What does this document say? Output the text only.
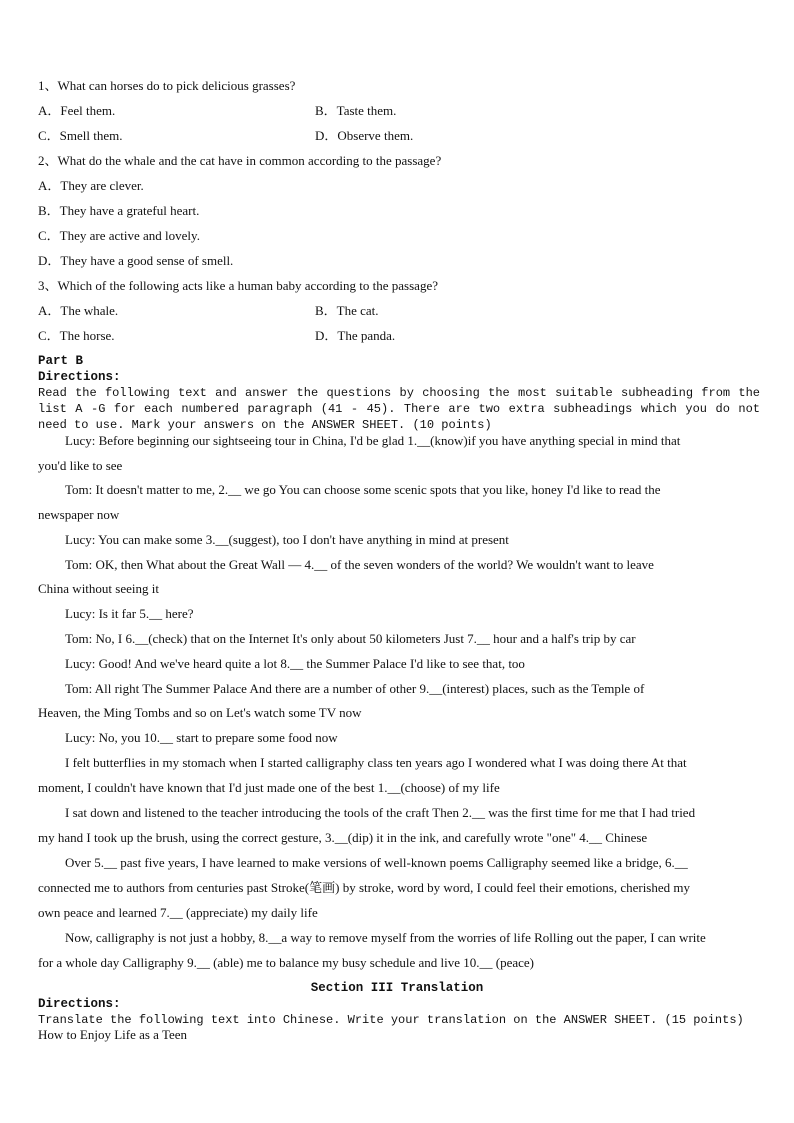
1、What can horses do to pick delicious grasses?
A．Feel them.	B．Taste them.
C．Smell them.	D．Observe them.
2、What do the whale and the cat have in common according to the passage?
A．They are clever.
B．They have a grateful heart.
C．They are active and lovely.
D．They have a good sense of smell.
3、Which of the following acts like a human baby according to the passage?
A．The whale.	B．The cat.
C．The horse.	D．The panda.
Part B
Directions:
Read the following text and answer the questions by choosing the most suitable subheading from the list A -G for each numbered paragraph (41 - 45). There are two extra subheadings which you do not need to use. Mark your answers on the ANSWER SHEET. (10 points)
Lucy: Before beginning our sightseeing tour in China, I'd be glad 1.__(know)if you have anything special in mind that
you'd like to see
Tom: It doesn't matter to me, 2.__ we go You can choose some scenic spots that you like, honey I'd like to read the
newspaper now
Lucy: You can make some 3.__(suggest), too I don't have anything in mind at present
Tom: OK, then What about the Great Wall — 4.__ of the seven wonders of the world? We wouldn't want to leave
China without seeing it
Lucy: Is it far 5.__ here?
Tom: No, I 6.__(check) that on the Internet It's only about 50 kilometers Just 7.__ hour and a half's trip by car
Lucy: Good! And we've heard quite a lot 8.__ the Summer Palace I'd like to see that, too
Tom: All right The Summer Palace And there are a number of other 9.__(interest) places, such as the Temple of
Heaven, the Ming Tombs and so on Let's watch some TV now
Lucy: No, you 10.__ start to prepare some food now
I felt butterflies in my stomach when I started calligraphy class ten years ago I wondered what I was doing there At that
moment, I couldn't have known that I'd just made one of the best 1.__(choose) of my life
I sat down and listened to the teacher introducing the tools of the craft Then 2.__ was the first time for me that I had tried
my hand I took up the brush, using the correct gesture, 3.__(dip) it in the ink, and carefully wrote "one" 4.__ Chinese
Over 5.__ past five years, I have learned to make versions of well-known poems Calligraphy seemed like a bridge, 6.__
connected me to authors from centuries past Stroke(笔画) by stroke, word by word, I could feel their emotions, cherished my
own peace and learned 7.__ (appreciate) my daily life
Now, calligraphy is not just a hobby, 8.__a way to remove myself from the worries of life Rolling out the paper, I can write
for a whole day Calligraphy 9.__ (able) me to balance my busy schedule and live 10.__ (peace)
Section III Translation
Directions:
Translate the following text into Chinese. Write your translation on the ANSWER SHEET. (15 points)
How to Enjoy Life as a Teen
